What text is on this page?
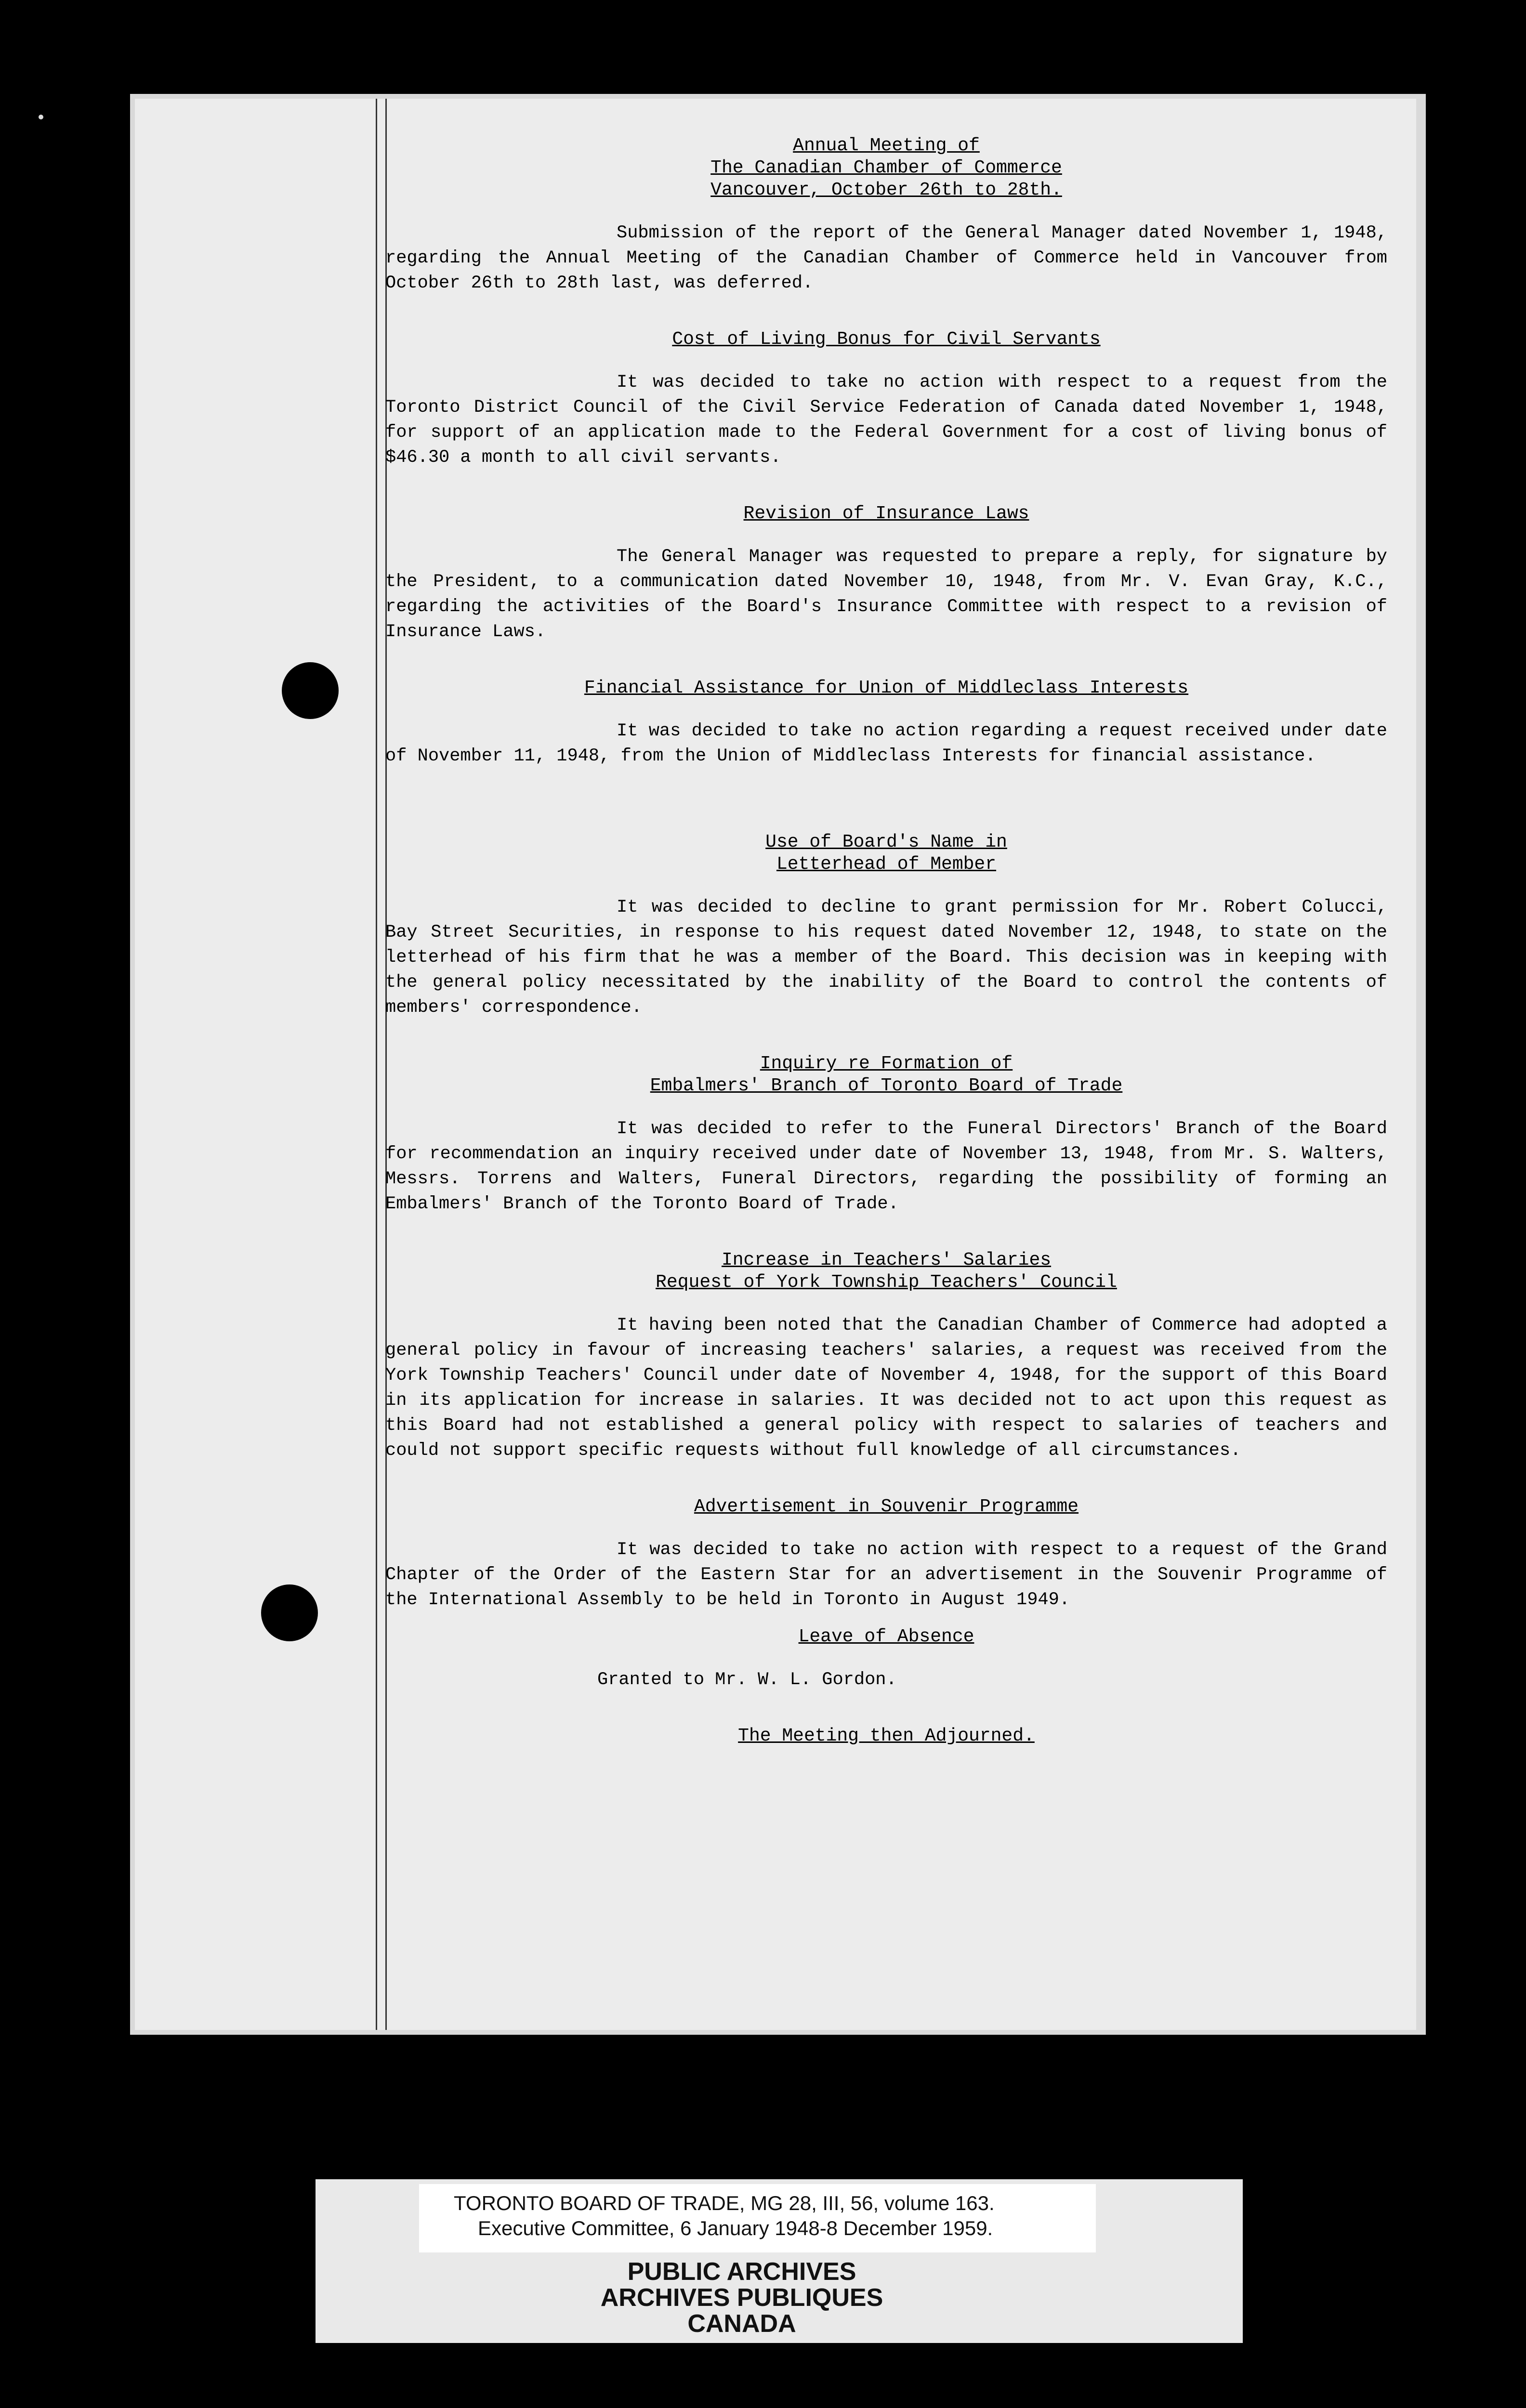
Annual Meeting of
The Canadian Chamber of Commerce
Vancouver, October 26th to 28th.
Submission of the report of the General Manager dated November 1, 1948, regarding the Annual Meeting of the Canadian Chamber of Commerce held in Vancouver from October 26th to 28th last, was deferred.
Cost of Living Bonus for Civil Servants
It was decided to take no action with respect to a request from the Toronto District Council of the Civil Service Federation of Canada dated November 1, 1948, for support of an application made to the Federal Government for a cost of living bonus of $46.30 a month to all civil servants.
Revision of Insurance Laws
The General Manager was requested to prepare a reply, for signature by the President, to a communication dated November 10, 1948, from Mr. V. Evan Gray, K.C., regarding the activities of the Board's Insurance Committee with respect to a revision of Insurance Laws.
Financial Assistance for Union of Middleclass Interests
It was decided to take no action regarding a request received under date of November 11, 1948, from the Union of Middleclass Interests for financial assistance.
Use of Board's Name in
Letterhead of Member
It was decided to decline to grant permission for Mr. Robert Colucci, Bay Street Securities, in response to his request dated November 12, 1948, to state on the letterhead of his firm that he was a member of the Board. This decision was in keeping with the general policy necessitated by the inability of the Board to control the contents of members' correspondence.
Inquiry re Formation of
Embalmers' Branch of Toronto Board of Trade
It was decided to refer to the Funeral Directors' Branch of the Board for recommendation an inquiry received under date of November 13, 1948, from Mr. S. Walters, Messrs. Torrens and Walters, Funeral Directors, regarding the possibility of forming an Embalmers' Branch of the Toronto Board of Trade.
Increase in Teachers' Salaries
Request of York Township Teachers' Council
It having been noted that the Canadian Chamber of Commerce had adopted a general policy in favour of increasing teachers' salaries, a request was received from the York Township Teachers' Council under date of November 4, 1948, for the support of this Board in its application for increase in salaries. It was decided not to act upon this request as this Board had not established a general policy with respect to salaries of teachers and could not support specific requests without full knowledge of all circumstances.
Advertisement in Souvenir Programme
It was decided to take no action with respect to a request of the Grand Chapter of the Order of the Eastern Star for an advertisement in the Souvenir Programme of the International Assembly to be held in Toronto in August 1949.
Leave of Absence
Granted to Mr. W. L. Gordon.
The Meeting then Adjourned.
TORONTO BOARD OF TRADE, MG 28, III, 56, volume 163.
Executive Committee, 6 January 1948-8 December 1959.
PUBLIC ARCHIVES
ARCHIVES PUBLIQUES
CANADA
